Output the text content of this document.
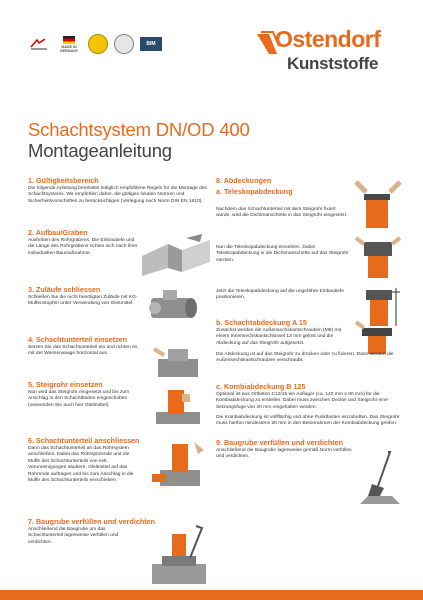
MADE IN
GERMANY
BIM	Ostendorf
Kunststoffe
Schachtsystem DN/OD 400
Montageanleitung
1. Gültigkeitsbereich
Die folgende Anleitung beinhaltet lediglich empfohlene Regeln für die Montage des Schachtsystems. Wir empfehlen daher, die gültigen lokalen Normen und Sicherheitsvorschriften zu berücksichtigen (Verlegung nach Norm DIN EN 1610).
2. Aufbau/Graben
Ausheben des Rohrgrabens. Die Einbautiefe und die Länge des Rohrgrabens richten sich nach ihrer individuellen Baumaßnahme.
3. Zuläufe schliessen
Schließen Sie die nicht benötigten Zuläufe mit KG-Muffenstopfen unter Verwendung von Gleitmittel.
4. Schachtunterteil einsetzen
Setzen Sie das Schachtunterteil ein und richten es mit der Wasserwaage horizontal aus.
5. Steigrohr einsetzen
Nun wird das Steigrohr eingesetzt und bis zum Anschlag in den Schachtboden eingeschoben (verwenden Sie auch hier Gleitmittel).
6. Schachtunterteil anschliessen
Dann das Schachtunterteil an das Rohrsystem anschließen. Dabei das Rohrspitzende und die Muffe des Schachtunterteils von evtl. Verunreinigungen säubern. Gleitmittel auf das Rohrende auftragen und bis zum Anschlag in die Muffe des Schachtunterteils einschieben.
7. Baugrube verfüllen und verdichten
Anschließend die Baugrube um das Schachtunterteil lagenweise verfüllen und verdichten.
8. Abdeckungen
a. Teleskopabdeckung
Nachdem das Schachtunterteil mit dem Steigrohr fixiert wurde, wird die Dichtmanschette in das Steigrohr eingesetzt.
Nun die Teleskopabdeckung einsetzen. Dabei Teleskopabdeckung in die Dichtmanschette auf das Steigrohr stecken.
Jetzt die Teleskopabdeckung auf die ungefähre Einbautiefe positionieren.
b. Schachtabdeckung A 15
Zunächst werden die Außensechskantschrauben (M8) mit einem Innensechskantschlüssel 13 mm gelöst und die Abdeckung auf das Steigrohr aufgesetzt.
Die Abdeckung ist auf das Steigrohr zu drücken oder zu fixieren. Dann werden die Außensechskantschrauben verschraubt.
c. Kombiabdeckung B 125
Optional ist aus Ortbeton C12/15 ein Auflager (ca. 140 mm x 80 mm) für die Kombiabdeckung zu erstellen. Dabei muss zwischen Deckel und Steigrohr eine Setzungsfuge von 20 mm eingehalten werden.
Die Kombiabdeckung ist vollflächig und ohne Punktlasten einzubetten. Das Steigrohr muss hierbei mindestens 20 mm in den Betonrahmen der Kombiabdeckung greifen.
9. Baugrube verfüllen und verdichten
Anschließend die Baugrube lagenweise gemäß Norm verfüllen und verdichten.
